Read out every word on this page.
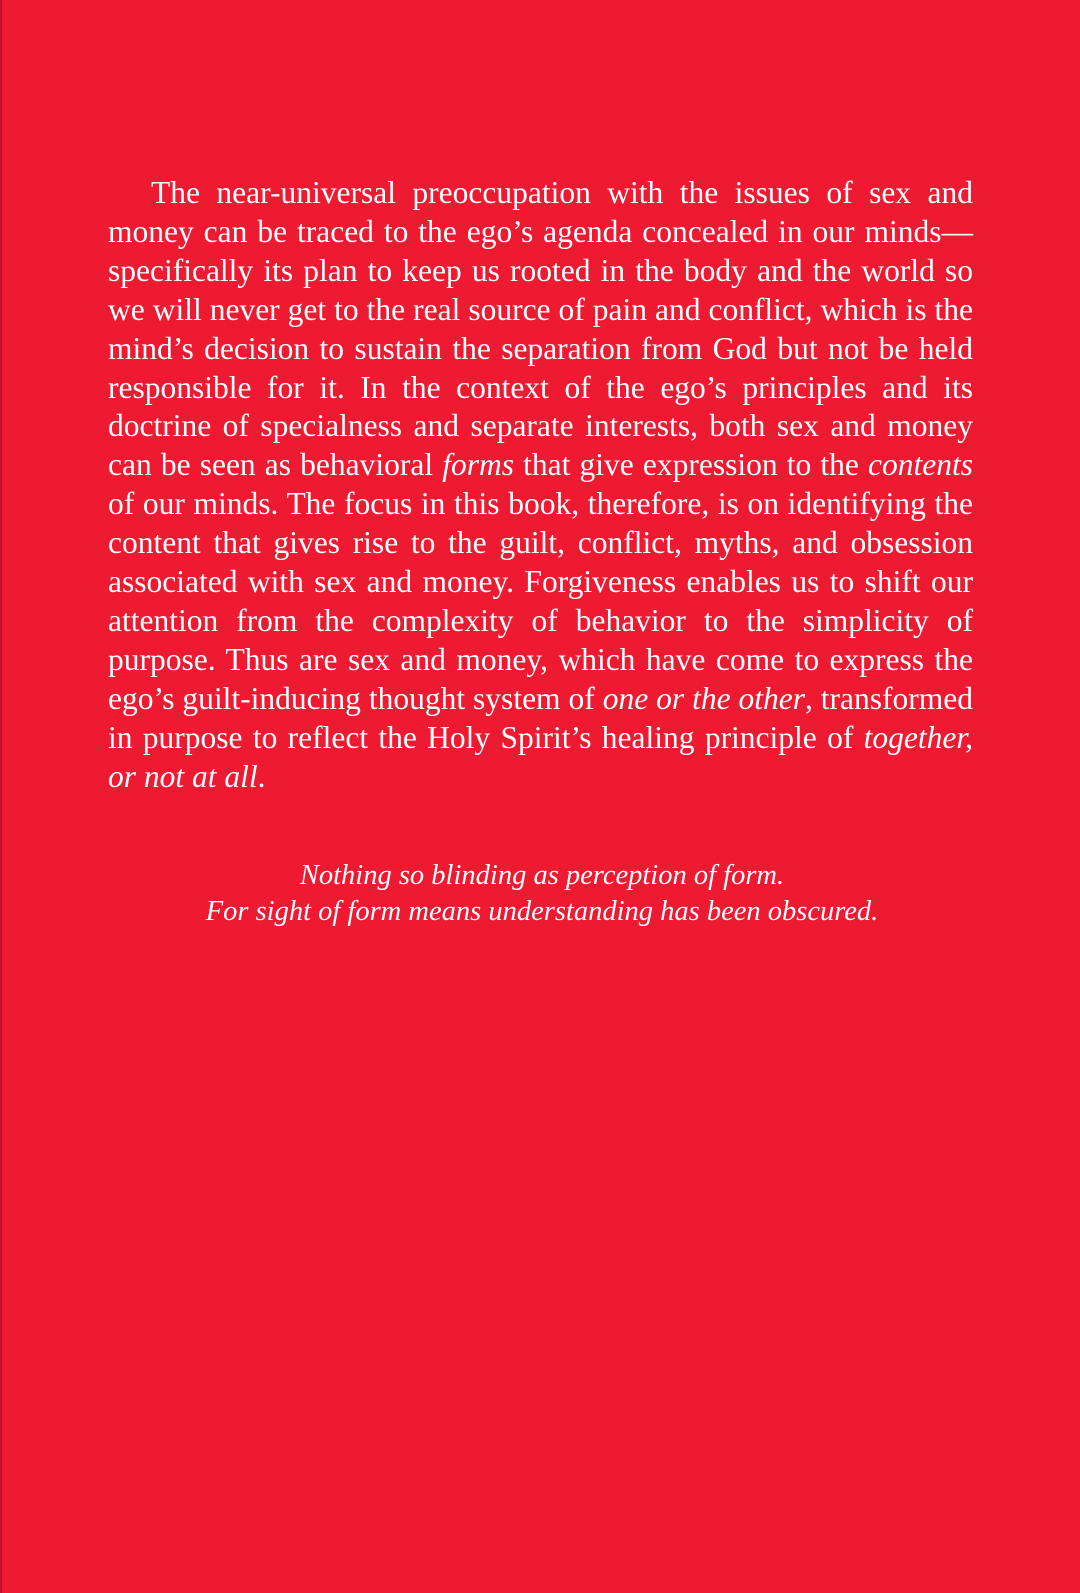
The near-universal preoccupation with the issues of sex and money can be traced to the ego’s agenda concealed in our minds—specifically its plan to keep us rooted in the body and the world so we will never get to the real source of pain and conflict, which is the mind’s decision to sustain the separation from God but not be held responsible for it. In the context of the ego’s principles and its doctrine of specialness and separate interests, both sex and money can be seen as behavioral forms that give expression to the contents of our minds. The focus in this book, therefore, is on identifying the content that gives rise to the guilt, conflict, myths, and obsession associated with sex and money. Forgiveness enables us to shift our attention from the complexity of behavior to the simplicity of purpose. Thus are sex and money, which have come to express the ego’s guilt-inducing thought system of one or the other, transformed in purpose to reflect the Holy Spirit’s healing principle of together, or not at all.

Nothing so blinding as perception of form.
For sight of form means understanding has been obscured.
